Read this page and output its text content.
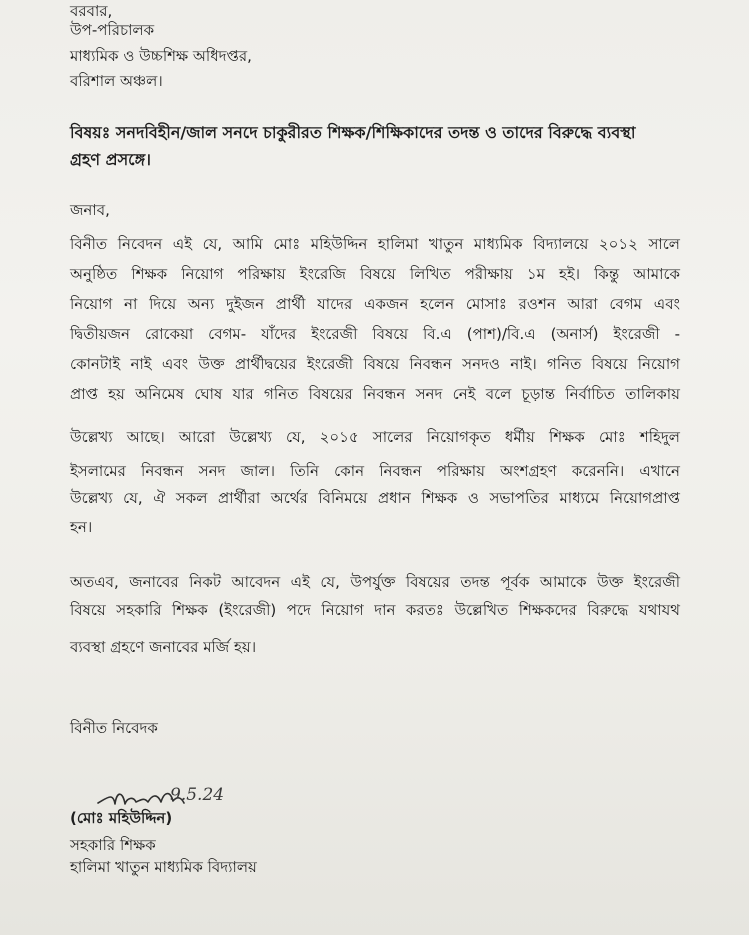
বরবার,
উপ-পরিচালক
মাধ্যমিক ও উচ্চশিক্ষ অধিদপ্তর,
বরিশাল অঞ্চল।
বিষয়ঃ সনদবিহীন/জাল সনদে চাকুরীরত শিক্ষক/শিক্ষিকাদের তদন্ত ও তাদের বিরুদ্ধে ব্যবস্থা
গ্রহণ প্রসঙ্গে।
জনাব,
বিনীত নিবেদন এই যে, আমি মোঃ মহিউদ্দিন হালিমা খাতুন মাধ্যমিক বিদ্যালয়ে ২০১২ সালে
অনুষ্ঠিত শিক্ষক নিয়োগ পরিক্ষায় ইংরেজি বিষয়ে লিখিত পরীক্ষায় ১ম হই। কিন্তু আমাকে
নিয়োগ না দিয়ে অন্য দুইজন প্রার্থী যাদের একজন হলেন মোসাঃ রওশন আরা বেগম এবং
দ্বিতীয়জন রোকেয়া বেগম- যাঁদের ইংরেজী বিষয়ে বি.এ (পাশ)/বি.এ (অনার্স) ইংরেজী -
কোনটাই নাই এবং উক্ত প্রার্থীদ্বয়ের ইংরেজী বিষয়ে নিবন্ধন সনদও নাই। গনিত বিষয়ে নিয়োগ
প্রাপ্ত হয় অনিমেষ ঘোষ যার গনিত বিষয়ের নিবন্ধন সনদ নেই বলে চূড়ান্ত নির্বাচিত তালিকায়
উল্লেখ্য আছে। আরো উল্লেখ্য যে, ২০১৫ সালের নিয়োগকৃত ধর্মীয় শিক্ষক মোঃ শহিদুল
ইসলামের নিবন্ধন সনদ জাল। তিনি কোন নিবন্ধন পরিক্ষায় অংশগ্রহণ করেননি। এখানে
উল্লেখ্য যে, ঐ সকল প্রার্থীরা অর্থের বিনিময়ে প্রধান শিক্ষক ও সভাপতির মাধ্যমে নিয়োগপ্রাপ্ত
হন।
অতএব, জনাবের নিকট আবেদন এই যে, উপর্যুক্ত বিষয়ের তদন্ত পূর্বক আমাকে উক্ত ইংরেজী
বিষয়ে সহকারি শিক্ষক (ইংরেজী) পদে নিয়োগ দান করতঃ উল্লেখিত শিক্ষকদের বিরুদ্ধে যথাযথ
ব্যবস্থা গ্রহণে জনাবের মর্জি হয়।
বিনীত নিবেদক
9.5.24
(মোঃ মহিউদ্দিন)
সহকারি শিক্ষক
হালিমা খাতুন মাধ্যমিক বিদ্যালয়
